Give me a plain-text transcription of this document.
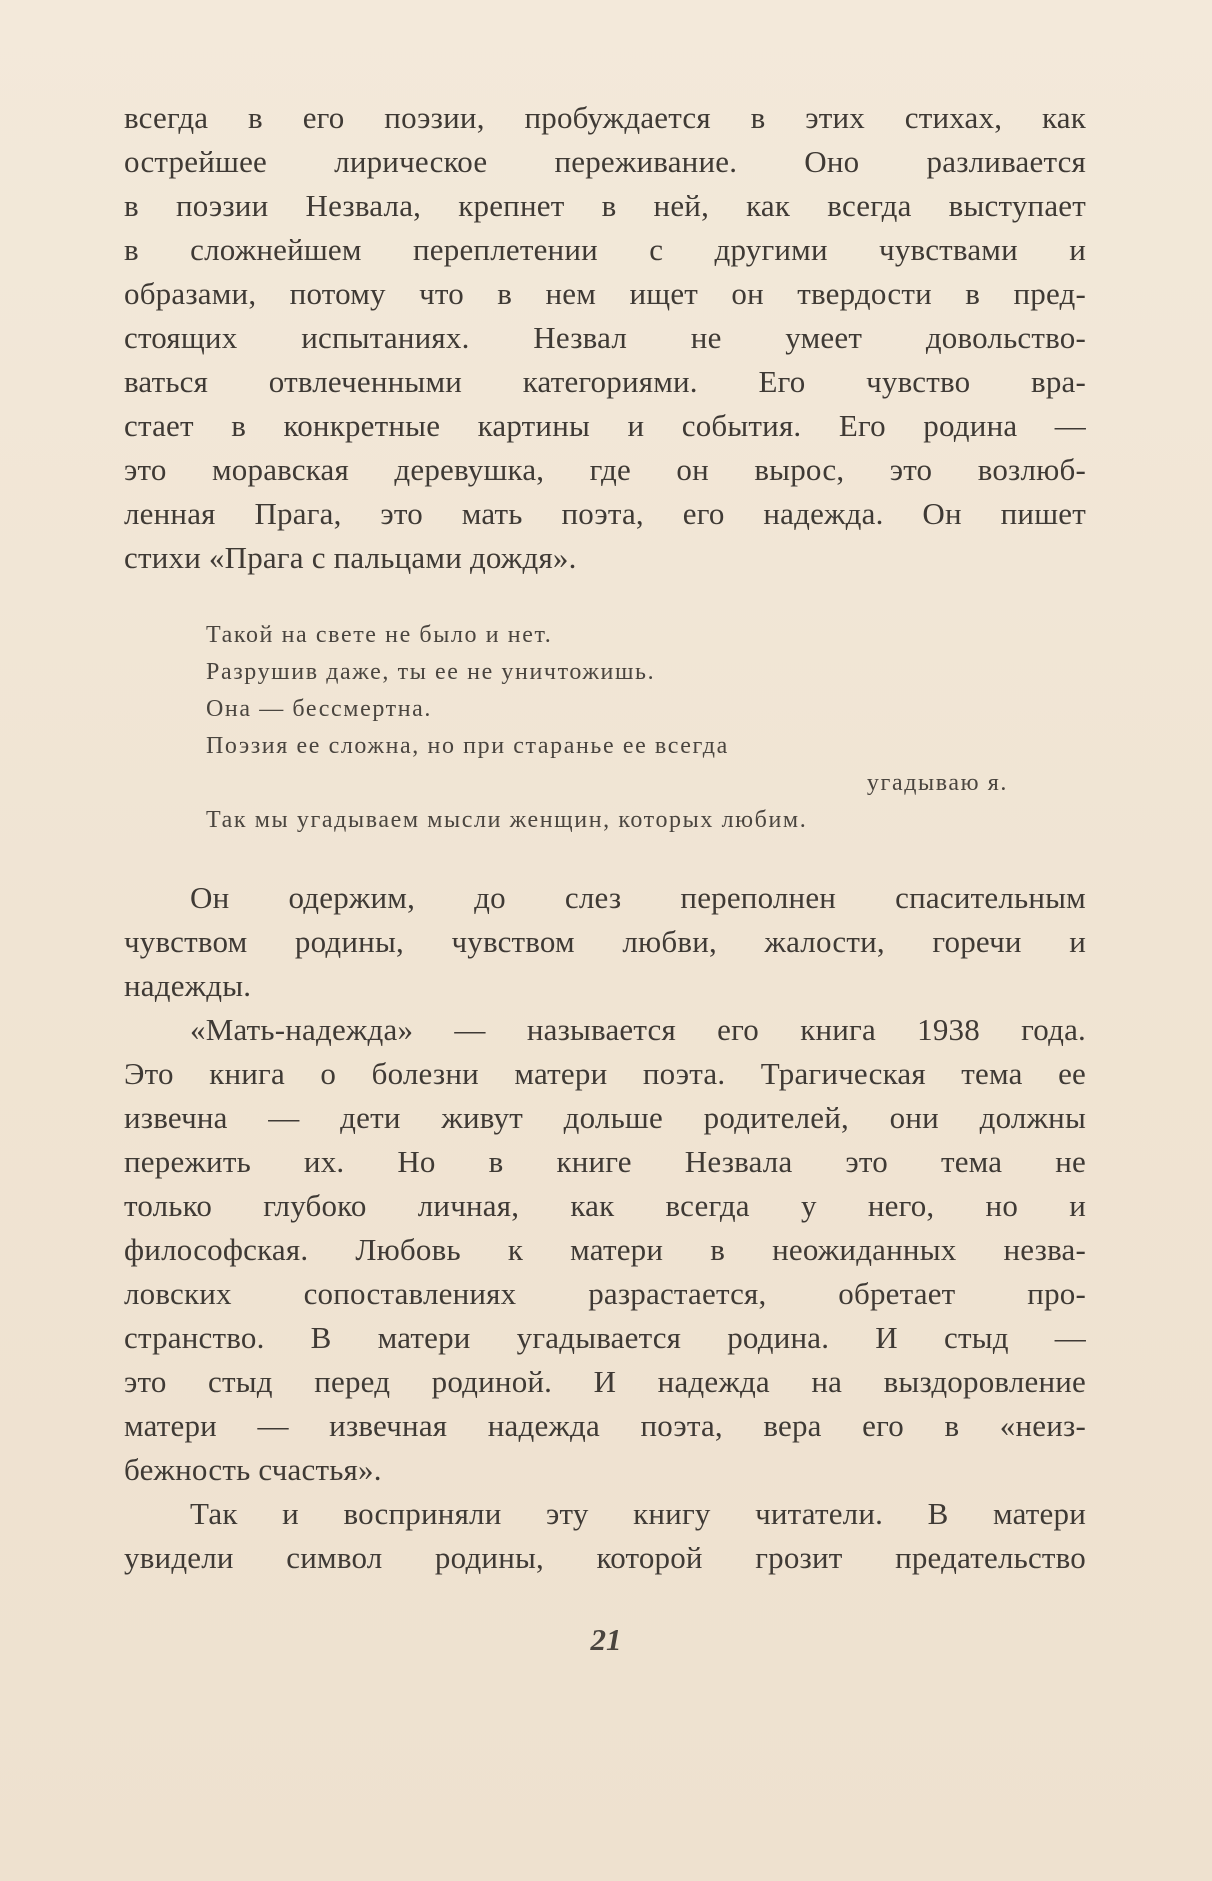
всегда в его поэзии, пробуждается в этих стихах, как
острейшее лирическое переживание. Оно разливается
в поэзии Незвала, крепнет в ней, как всегда выступает
в сложнейшем переплетении с другими чувствами и
образами, потому что в нем ищет он твердости в пред-
стоящих испытаниях. Незвал не умеет довольство-
ваться отвлеченными категориями. Его чувство вра-
стает в конкретные картины и события. Его родина —
это моравская деревушка, где он вырос, это возлюб-
ленная Прага, это мать поэта, его надежда. Он пишет
стихи «Прага с пальцами дождя».
Такой на свете не было и нет.
Разрушив даже, ты ее не уничтожишь.
Она — бессмертна.
Поэзия ее сложна, но при старанье ее всегда
угадываю я.
Так мы угадываем мысли женщин, которых любим.
Он одержим, до слез переполнен спасительным
чувством родины, чувством любви, жалости, горечи и
надежды.
«Мать-надежда» — называется его книга 1938 года.
Это книга о болезни матери поэта. Трагическая тема ее
извечна — дети живут дольше родителей, они должны
пережить их. Но в книге Незвала это тема не
только глубоко личная, как всегда у него, но и
философская. Любовь к матери в неожиданных незва-
ловских сопоставлениях разрастается, обретает про-
странство. В матери угадывается родина. И стыд —
это стыд перед родиной. И надежда на выздоровление
матери — извечная надежда поэта, вера его в «неиз-
бежность счастья».
Так и восприняли эту книгу читатели. В матери
увидели символ родины, которой грозит предательство
21
